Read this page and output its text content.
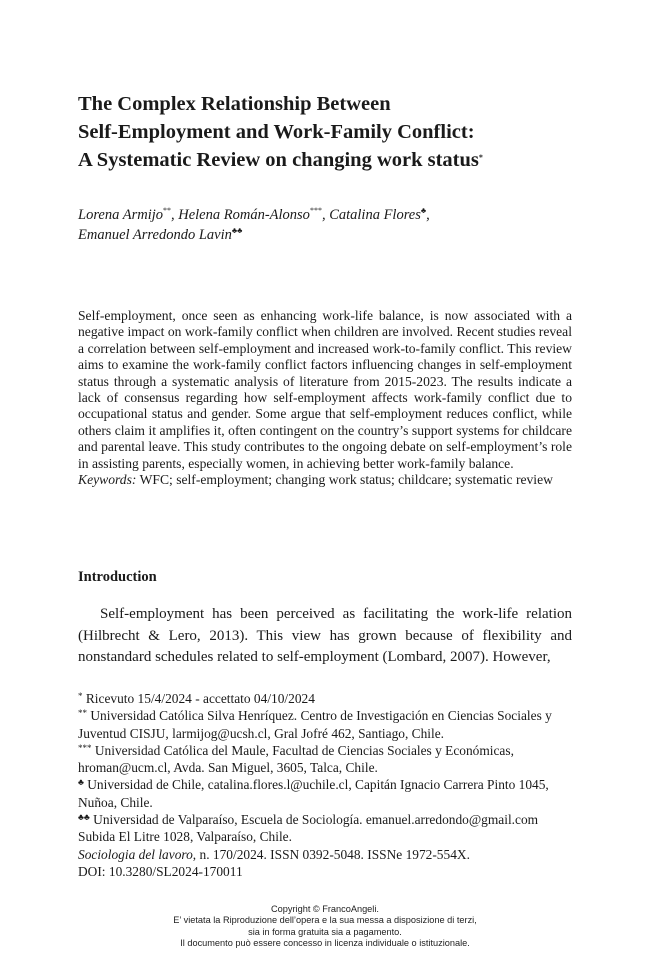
The Complex Relationship Between
Self-Employment and Work-Family Conflict:
A Systematic Review on changing work status*
Lorena Armijo**, Helena Román-Alonso***, Catalina Flores♣,
Emanuel Arredondo Lavin♣♣

Self-employment, once seen as enhancing work-life balance, is now associated with a negative impact on work-family conflict when children are involved. Recent studies reveal a correlation between self-employment and increased work-to-family conflict. This review aims to examine the work-family conflict factors influencing changes in self-employment status through a systematic analysis of literature from 2015-2023. The results indicate a lack of consensus regarding how self-employment affects work-family conflict due to occupational status and gender. Some argue that self-employment reduces conflict, while others claim it amplifies it, often contingent on the country’s support systems for childcare and parental leave. This study contributes to the ongoing debate on self-employment’s role in assisting parents, especially women, in achieving better work-family balance.

Keywords: WFC; self-employment; changing work status; childcare; systematic review

Introduction

Self-employment has been perceived as facilitating the work-life relation (Hilbrecht & Lero, 2013). This view has grown because of flexibility and nonstandard schedules related to self-employment (Lombard, 2007). However,

* Ricevuto 15/4/2024 - accettato 04/10/2024

** Universidad Católica Silva Henríquez. Centro de Investigación en Ciencias Sociales y Juventud CISJU, larmijog@ucsh.cl, Gral Jofré 462, Santiago, Chile.

*** Universidad Católica del Maule, Facultad de Ciencias Sociales y Económicas, hroman@ucm.cl, Avda. San Miguel, 3605, Talca, Chile.

♣ Universidad de Chile, catalina.flores.l@uchile.cl, Capitán Ignacio Carrera Pinto 1045, Nuñoa, Chile.

♣♣ Universidad de Valparaíso, Escuela de Sociología. emanuel.arredondo@gmail.com Subida El Litre 1028, Valparaíso, Chile.

Sociologia del lavoro, n. 170/2024. ISSN 0392-5048. ISSNe 1972-554X.
DOI: 10.3280/SL2024-170011

Copyright © FrancoAngeli.
E’ vietata la Riproduzione dell’opera e la sua messa a disposizione di terzi,
sia in forma gratuita sia a pagamento.
Il documento può essere concesso in licenza individuale o istituzionale.
